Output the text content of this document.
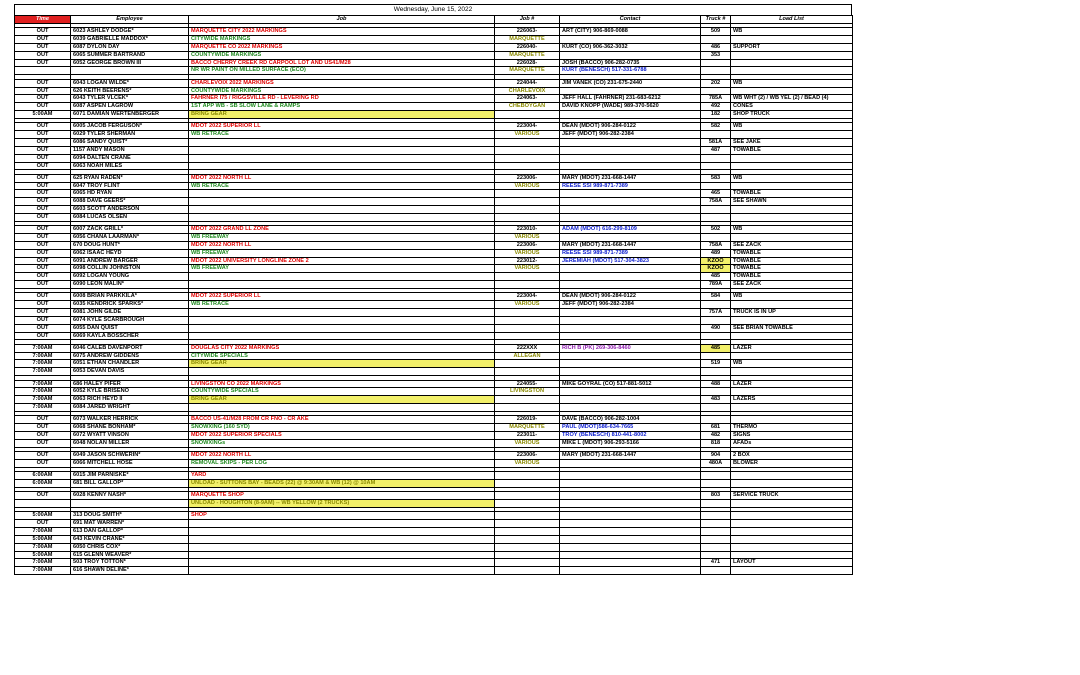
Wednesday, June 15, 2022
Time	Employee	Job	Job #	Contact	Truck #	Load List

OUT	6023 ASHLEY DODGE*	MARQUETTE CITY 2022 MARKINGS	226063-	ART (CITY) 906-869-0088	509	WB
OUT	6039 GABRIELLE MADDOX*	CITYWIDE MARKINGS	MARQUETTE			
OUT	6087 DYLON DAY	MARQUETTE CO 2022 MARKINGS	226040-	KURT (CO) 906-362-3032	486	SUPPORT
OUT	6065 SUMMER BARTRAND	COUNTYWIDE MARKINGS	MARQUETTE		353	
OUT	6052 GEORGE BROWN III	BACCO CHERRY CREEK RD CARPOOL LOT AND US41/M28	226028-	JOSH (BACCO) 906-282-0735		
		NR WR PAINT ON MILLED SURFACE (ECO)	MARQUETTE	KURT (BENESCH) 517-331-6788		

OUT	6043 LOGAN WILDE*	CHARLEVOIX 2022 MARKINGS	224044-	JIM VANEK (CO) 231-675-2440	202	WB
OUT	626 KEITH BEERENS*	COUNTYWIDE MARKINGS	CHARLEVOIX			
OUT	6043 TYLER VLCEK*	FAHRNER I75 / RIGGSVILLE RD - LEVERING RD	224063-	JEFF HALL (FAHRNER) 231-683-6212	785A	WB WHT (2) / WB YEL (2) / BEAD (4)
OUT	6087 ASPEN LAGROW	1ST APP WB - SB SLOW LANE & RAMPS	CHEBOYGAN	DAVID KNOPP (WADE) 989-370-5620	492	CONES
5:00AM	6071 DAMIAN WERTENBERGER	BRING GEAR			182	SHOP TRUCK

OUT	6005 JACOB FERGUSON*	MDOT 2022 SUPERIOR LL	223004-	DEAN (MDOT) 906-284-0122	582	WB
OUT	6029 TYLER SHERMAN	WB RETRACE	VARIOUS	JEFF (MDOT) 906-282-2384		
OUT	6086 SANDY QUIST*				581A	SEE JAKE
OUT	1157 ANDY MASON				487	TOWABLE
OUT	6094 DALTEN CRANE					
OUT	6063 NOAH MILES					

OUT	625 RYAN RADEN*	MDOT 2022 NORTH LL	223006-	MARY (MDOT) 231-668-1447	583	WB
OUT	6047 TROY FLINT	WB RETRACE	VARIOUS	REESE SSI 989-871-7389		
OUT	6065 HD RYAN				465	TOWABLE
OUT	6088 DAVE GEERS*				758A	SEE SHAWN
OUT	6603 SCOTT ANDERSON					
OUT	6084 LUCAS OLSEN					

OUT	6007 ZACK GRILL*	MDOT 2022 GRAND LL ZONE	223010-	ADAM (MDOT) 616-299-8109	502	WB
OUT	6056 CHANA LAARMAN*	WB FREEWAY	VARIOUS			
OUT	670 DOUG HUNT*	MDOT 2022 NORTH LL	223006-	MARY (MDOT) 231-668-1447	758A	SEE ZACK
OUT	6062 ISAAC HEYD	WB FREEWAY	VARIOUS	REESE SSI 989-871-7389	489	TOWABLE
OUT	6091 ANDREW BARGER	MDOT 2022 UNIVERSITY LONGLINE ZONE 2	223012-	JEREMIAH (MDOT) 517-304-3823	KZOO	TOWABLE
OUT	6098 COLLIN JOHNSTON	WB FREEWAY	VARIOUS		KZOO	TOWABLE
OUT	6092 LOGAN YOUNG				485	TOWABLE
OUT	6090 LEON MALIN*				789A	SEE ZACK

OUT	6008 BRIAN PARKKILA*	MDOT 2022 SUPERIOR LL	223004-	DEAN (MDOT) 906-284-0122	584	WB
OUT	6035 KENDRICK SPARKS*	WB RETRACE	VARIOUS	JEFF (MDOT) 906-282-2384		
OUT	6081 JOHN GILDE				757A	TRUCK IS IN UP
OUT	6074 KYLE SCARBROUGH					
OUT	6055 DAN QUIST				490	SEE BRIAN TOWABLE
OUT	6069 KAYLA BOSSCHER					

7:00AM	6046 CALEB DAVENPORT	DOUGLAS CITY 2022 MARKINGS	222XXX	RICH B (PK) 269-306-8460	485	LAZER
7:00AM	6075 ANDREW GIDDENS	CITYWIDE SPECIALS	ALLEGAN			
7:00AM	6051 ETHAN CHANDLER	BRING GEAR			519	WB
7:00AM	6053 DEVAN DAVIS					

7:00AM	686 HALEY PIFER	LIVINGSTON CO 2022 MARKINGS	224055-	MIKE GOYRAL (CO) 517-881-5012	488	LAZER
7:00AM	6052 KYLE BRISENO	COUNTYWIDE SPECIALS	LIVINGSTON			
7:00AM	6063 RICH HEYD II	BRING GEAR			483	LAZERS
7:00AM	6084 JARED WRIGHT					

OUT	6073 WALKER HERRICK	BACCO US-41/M28 FROM CR FNO - CR AKE	226019-	DAVE (BACCO) 906-282-1004		
OUT	6068 SHANE BONHAM*	SNOWXING (160 SYD)	MARQUETTE	PAUL (MDOT)586-634-7665	681	THERMO
OUT	6072 WYATT VINSON	MDOT 2022 SUPERIOR SPECIALS	223011-	TROY (BENESCH) 810-441-8002	482	SIGNS
OUT	6048 NOLAN MILLER	SNOWXINGs	VARIOUS	MIKE L (MDOT) 906-293-5166	818	AFADs

OUT	6049 JASON SCHWERIN*	MDOT 2022 NORTH LL	223006-	MARY (MDOT) 231-668-1447	904	2 BOX
OUT	6066 MITCHELL HOSE	REMOVAL SKIPS - PER LOG	VARIOUS		480A	BLOWER

6:00AM	6015 JIM PARNISKE*	YARD				
6:00AM	681 BILL GALLOP*	UNLOAD - SUTTONS BAY - BEADS (22) @ 9:30AM & WB (12) @ 10AM				

OUT	6028 KENNY NASH*	MARQUETTE SHOP			803	SERVICE TRUCK
		UNLOAD - HOUGHTON (8-9AM) -- WB YELLOW (2 TRUCKS)				

5:00AM	313 DOUG SMITH*	SHOP				
OUT	691 MAT WARREN*					
7:00AM	613 DAN GALLOP*					
5:00AM	643 KEVIN CRANE*					
7:00AM	6050 CHRIS COX*					
5:00AM	615 GLENN WEAVER*					
7:00AM	503 TROY TOTTON*				471	LAYOUT
7:00AM	616 SHAWN DELINE*					
